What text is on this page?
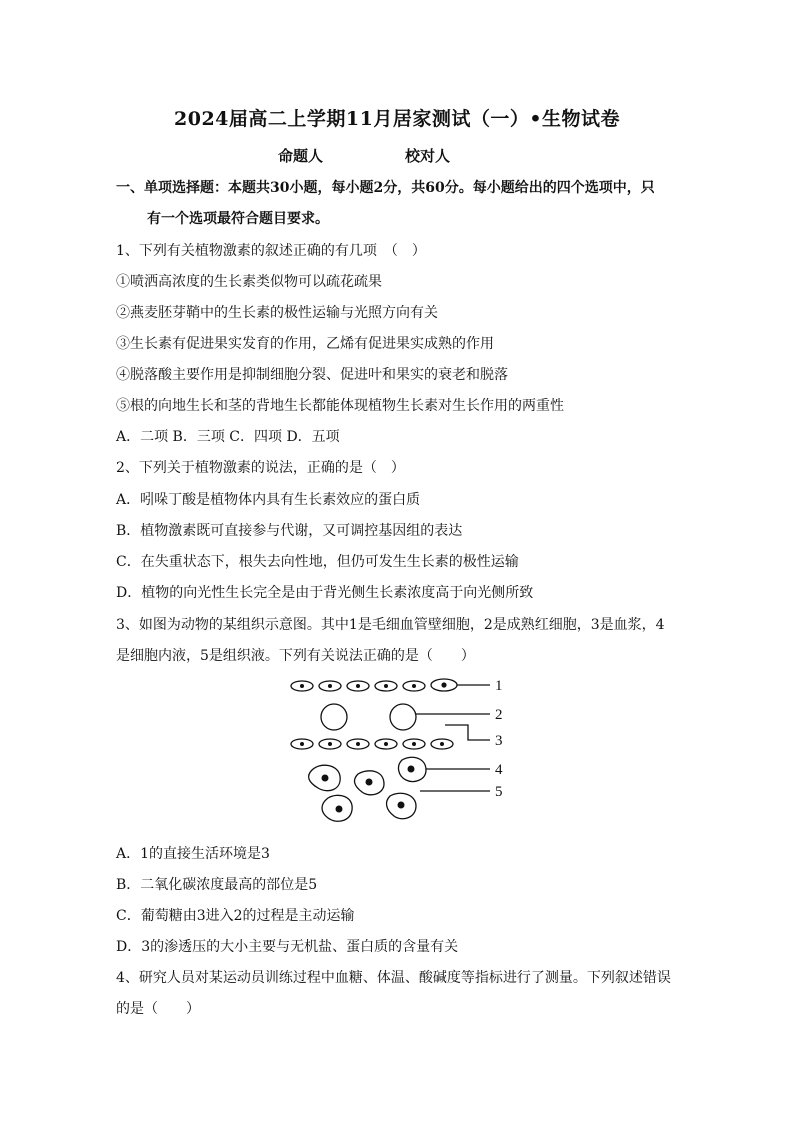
2024届高二上学期11月居家测试（一）•生物试卷
命题人	校对人
一、单项选择题：本题共30小题，每小题2分，共60分。每小题给出的四个选项中，只
有一个选项最符合题目要求。
1、下列有关植物激素的叙述正确的有几项　（　）
①喷洒高浓度的生长素类似物可以疏花疏果
②燕麦胚芽鞘中的生长素的极性运输与光照方向有关
③生长素有促进果实发育的作用，乙烯有促进果实成熟的作用
④脱落酸主要作用是抑制细胞分裂、促进叶和果实的衰老和脱落
⑤根的向地生长和茎的背地生长都能体现植物生长素对生长作用的两重性
A．二项 B．三项 C．四项 D．五项
2、下列关于植物激素的说法，正确的是（　）
A．吲哚丁酸是植物体内具有生长素效应的蛋白质
B．植物激素既可直接参与代谢，又可调控基因组的表达
C．在失重状态下，根失去向性地，但仍可发生生长素的极性运输
D．植物的向光性生长完全是由于背光侧生长素浓度高于向光侧所致
3、如图为动物的某组织示意图。其中1是毛细血管壁细胞，2是成熟红细胞，3是血浆，4
是细胞内液，5是组织液。下列有关说法正确的是（　　）
1
2
3
4
5
A．1的直接生活环境是3
B．二氧化碳浓度最高的部位是5
C．葡萄糖由3进入2的过程是主动运输
D．3的渗透压的大小主要与无机盐、蛋白质的含量有关
4、研究人员对某运动员训练过程中血糖、体温、酸碱度等指标进行了测量。下列叙述错误
的是（　　）
